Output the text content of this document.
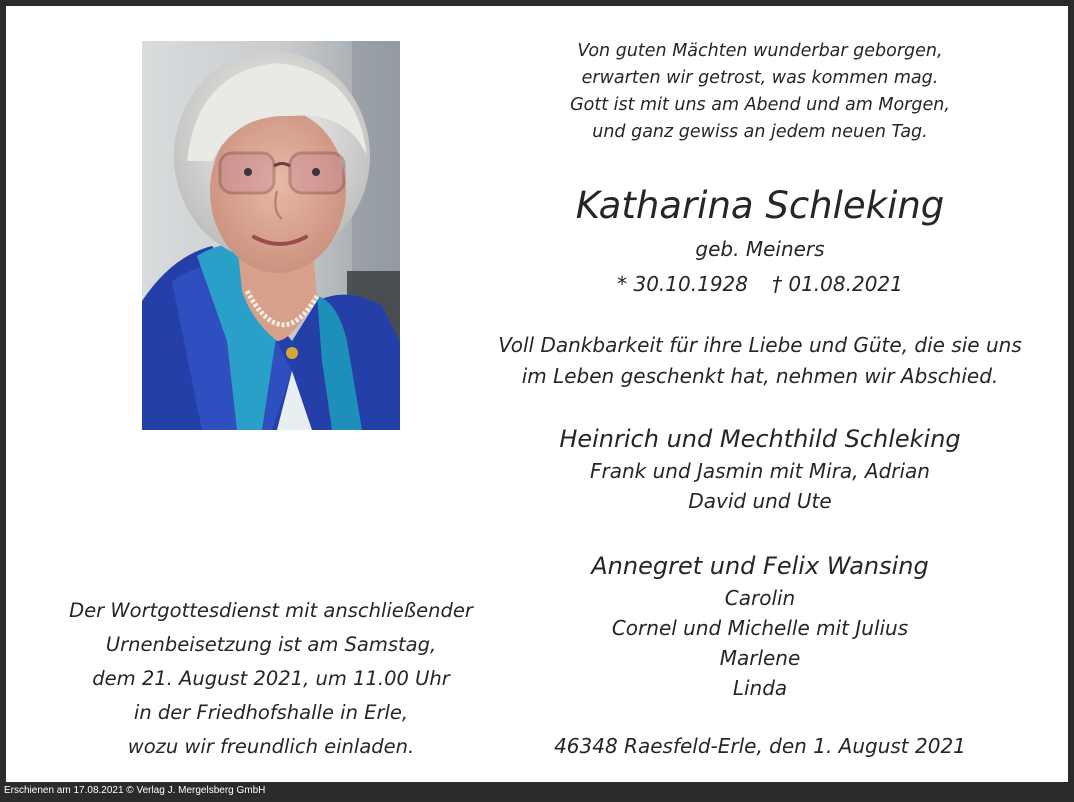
Von guten Mächten wunderbar geborgen,
erwarten wir getrost, was kommen mag.
Gott ist mit uns am Abend und am Morgen,
und ganz gewiss an jedem neuen Tag.
Katharina Schleking
geb. Meiners
* 30.10.1928 † 01.08.2021
Voll Dankbarkeit für ihre Liebe und Güte, die sie uns
im Leben geschenkt hat, nehmen wir Abschied.
Heinrich und Mechthild Schleking
Frank und Jasmin mit Mira, Adrian
David und Ute
Annegret und Felix Wansing
Carolin
Cornel und Michelle mit Julius
Marlene
Linda
46348 Raesfeld-Erle, den 1. August 2021
Der Wortgottesdienst mit anschließender
Urnenbeisetzung ist am Samstag,
dem 21. August 2021, um 11.00 Uhr
in der Friedhofshalle in Erle,
wozu wir freundlich einladen.
Erschienen am 17.08.2021 © Verlag J. Mergelsberg GmbH
